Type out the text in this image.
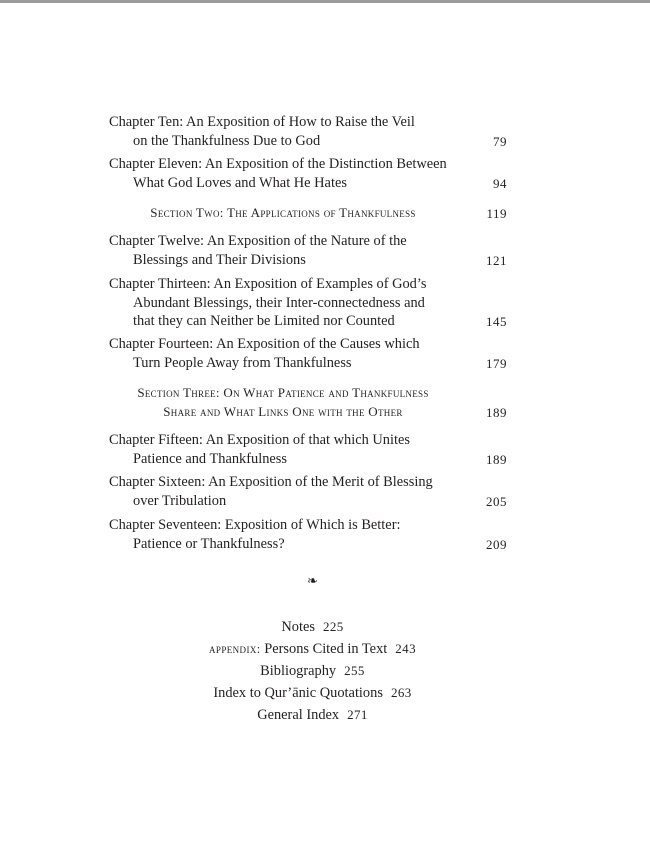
Chapter Ten: An Exposition of How to Raise the Veil
on the Thankfulness Due to God	79
Chapter Eleven: An Exposition of the Distinction Between
What God Loves and What He Hates	94
Section Two: The Applications of Thankfulness	119
Chapter Twelve: An Exposition of the Nature of the
Blessings and Their Divisions	121
Chapter Thirteen: An Exposition of Examples of God’s
Abundant Blessings, their Inter-connectedness and
that they can Neither be Limited nor Counted	145
Chapter Fourteen: An Exposition of the Causes which
Turn People Away from Thankfulness	179
Section Three: On What Patience and Thankfulness
Share and What Links One with the Other	189
Chapter Fifteen: An Exposition of that which Unites
Patience and Thankfulness	189
Chapter Sixteen: An Exposition of the Merit of Blessing
over Tribulation	205
Chapter Seventeen: Exposition of Which is Better:
Patience or Thankfulness?	209
❧
Notes 225
appendix: Persons Cited in Text 243
Bibliography 255
Index to Qur’ānic Quotations 263
General Index 271
